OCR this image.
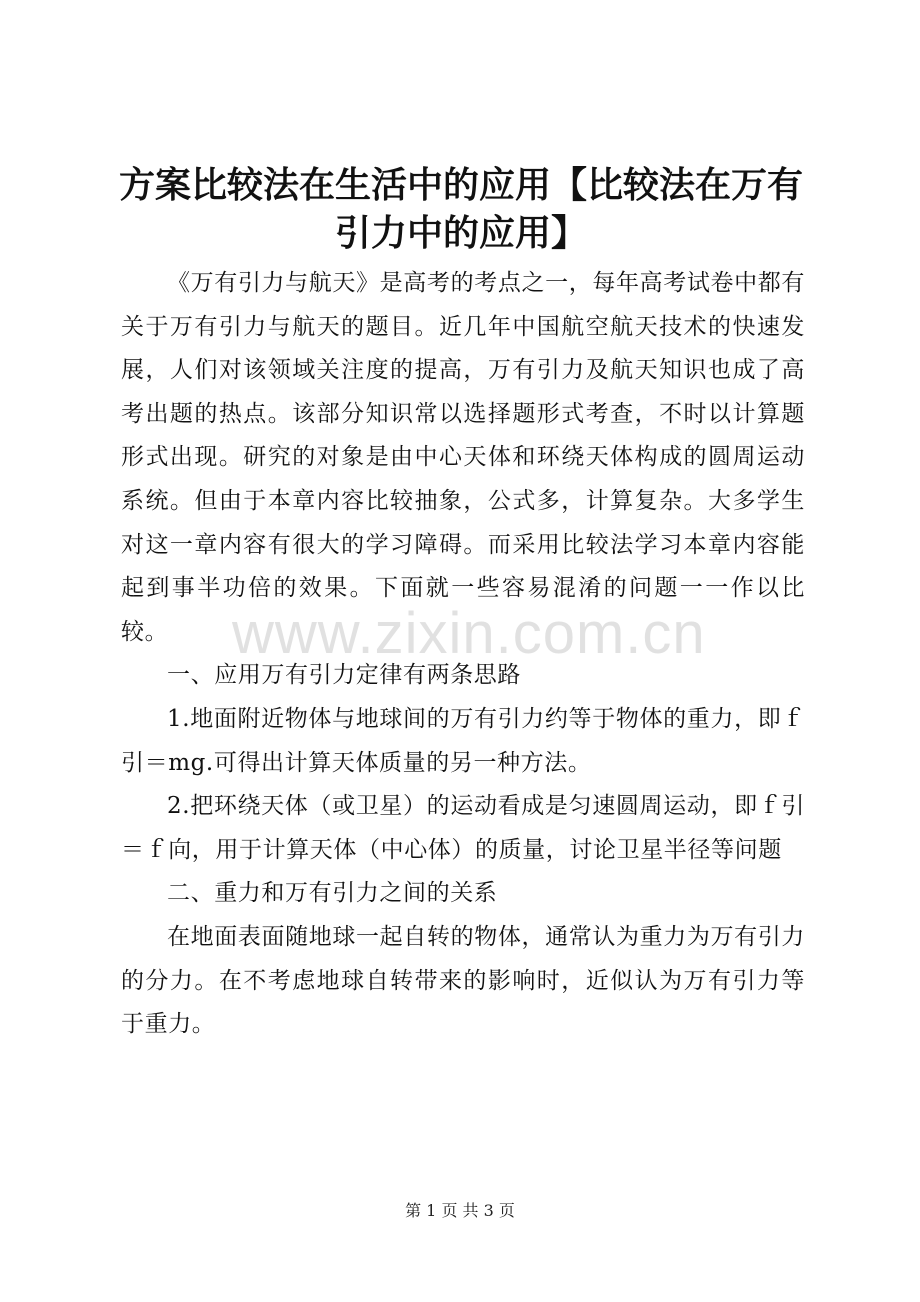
方案比较法在生活中的应用【比较法在万有引力中的应用】

《万有引力与航天》是高考的考点之一，每年高考试卷中都有关于万有引力与航天的题目。近几年中国航空航天技术的快速发展，人们对该领域关注度的提高，万有引力及航天知识也成了高考出题的热点。该部分知识常以选择题形式考查，不时以计算题形式出现。研究的对象是由中心天体和环绕天体构成的圆周运动系统。但由于本章内容比较抽象，公式多，计算复杂。大多学生对这一章内容有很大的学习障碍。而采用比较法学习本章内容能起到事半功倍的效果。下面就一些容易混淆的问题一一作以比较。

一、应用万有引力定律有两条思路

1.地面附近物体与地球间的万有引力约等于物体的重力，即ｆ引＝mg.可得出计算天体质量的另一种方法。

2.把环绕天体（或卫星）的运动看成是匀速圆周运动，即ｆ引＝ｆ向，用于计算天体（中心体）的质量，讨论卫星半径等问题

二、重力和万有引力之间的关系

在地面表面随地球一起自转的物体，通常认为重力为万有引力的分力。在不考虑地球自转带来的影响时，近似认为万有引力等于重力。

www.zixin.com.cn
第 1 页 共 3 页
